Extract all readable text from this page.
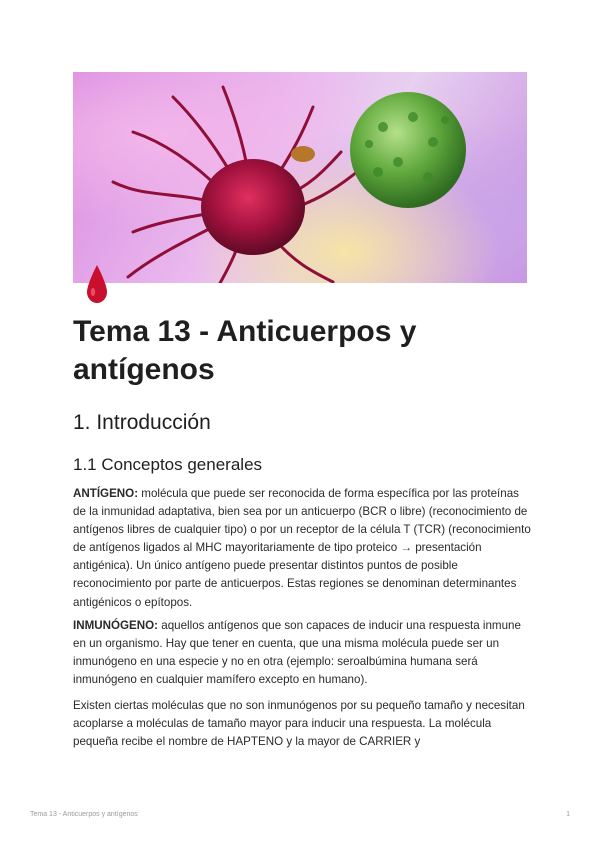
Tema 13 - Anticuerpos y antígenos
1. Introducción
1.1 Conceptos generales

ANTÍGENO: molécula que puede ser reconocida de forma específica por las proteínas de la inmunidad adaptativa, bien sea por un anticuerpo (BCR o libre) (reconocimiento de antígenos libres de cualquier tipo) o por un receptor de la célula T (TCR) (reconocimiento de antígenos ligados al MHC mayoritariamente de tipo proteico → presentación antigénica). Un único antígeno puede presentar distintos puntos de posible reconocimiento por parte de anticuerpos. Estas regiones se denominan determinantes antigénicos o epítopos.

INMUNÓGENO: aquellos antígenos que son capaces de inducir una respuesta inmune en un organismo. Hay que tener en cuenta, que una misma molécula puede ser un inmunógeno en una especie y no en otra (ejemplo: seroalbúmina humana será inmunógeno en cualquier mamífero excepto en humano).

Existen ciertas moléculas que no son inmunógenos por su pequeño tamaño y necesitan acoplarse a moléculas de tamaño mayor para inducir una respuesta. La molécula pequeña recibe el nombre de HAPTENO y la mayor de CARRIER y

Tema 13 - Anticuerpos y antígenos	1
